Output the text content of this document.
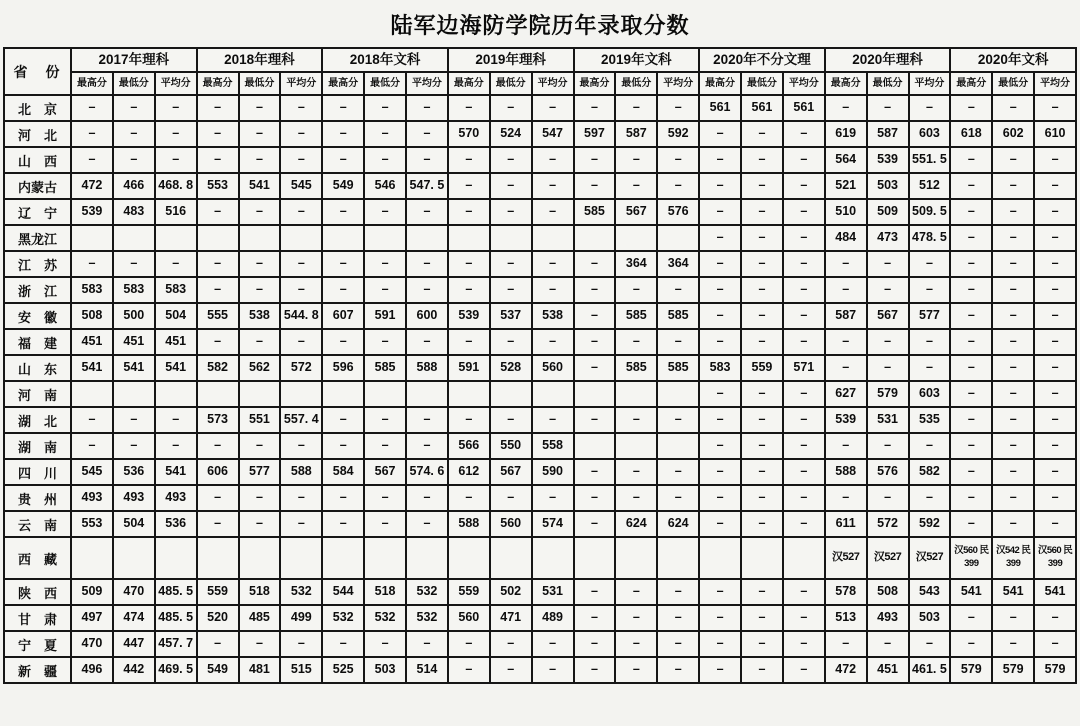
陆军边海防学院历年录取分数
省　份	2017年理科			2018年理科			2018年文科			2019年理科			2019年文科			2020年不分文理			2020年理科			2020年文科		
	最高分	最低分	平均分	最高分	最低分	平均分	最高分	最低分	平均分	最高分	最低分	平均分	最高分	最低分	平均分	最高分	最低分	平均分	最高分	最低分	平均分	最高分	最低分	平均分
北　京	–	–	–	–	–	–	–	–	–	–	–	–	–	–	–	561	561	561	–	–	–	–	–	–
河　北	–	–	–	–	–	–	–	–	–	570	524	547	597	587	592	–	–	–	619	587	603	618	602	610
山　西	–	–	–	–	–	–	–	–	–	–	–	–	–	–	–	–	–	–	564	539	551. 5	–	–	–
内蒙古	472	466	468. 8	553	541	545	549	546	547. 5	–	–	–	–	–	–	–	–	–	521	503	512	–	–	–
辽　宁	539	483	516	–	–	–	–	–	–	–	–	–	585	567	576	–	–	–	510	509	509. 5	–	–	–
黑龙江																–	–	–	484	473	478. 5	–	–	–
江　苏	–	–	–	–	–	–	–	–	–	–	–	–	–	364	364	–	–	–	–	–	–	–	–	–
浙　江	583	583	583	–	–	–	–	–	–	–	–	–	–	–	–	–	–	–	–	–	–	–	–	–
安　徽	508	500	504	555	538	544. 8	607	591	600	539	537	538	–	585	585	–	–	–	587	567	577	–	–	–
福　建	451	451	451	–	–	–	–	–	–	–	–	–	–	–	–	–	–	–	–	–	–	–	–	–
山　东	541	541	541	582	562	572	596	585	588	591	528	560	–	585	585	583	559	571	–	–	–	–	–	–
河　南																–	–	–	627	579	603	–	–	–
湖　北	–	–	–	573	551	557. 4	–	–	–	–	–	–	–	–	–	–	–	–	539	531	535	–	–	–
湖　南	–	–	–	–	–	–	–	–	–	566	550	558				–	–	–	–	–	–	–	–	–
四　川	545	536	541	606	577	588	584	567	574. 6	612	567	590	–	–	–	–	–	–	588	576	582	–	–	–
贵　州	493	493	493	–	–	–	–	–	–	–	–	–	–	–	–	–	–	–	–	–	–	–	–	–
云　南	553	504	536	–	–	–	–	–	–	588	560	574	–	624	624	–	–	–	611	572	592	–	–	–
西　藏																			汉527	汉527	汉527	汉560 民399	汉542 民399	汉560 民399
陕　西	509	470	485. 5	559	518	532	544	518	532	559	502	531	–	–	–	–	–	–	578	508	543	541	541	541
甘　肃	497	474	485. 5	520	485	499	532	532	532	560	471	489	–	–	–	–	–	–	513	493	503	–	–	–
宁　夏	470	447	457. 7	–	–	–	–	–	–	–	–	–	–	–	–	–	–	–	–	–	–	–	–	–
新　疆	496	442	469. 5	549	481	515	525	503	514	–	–	–	–	–	–	–	–	–	472	451	461. 5	579	579	579
